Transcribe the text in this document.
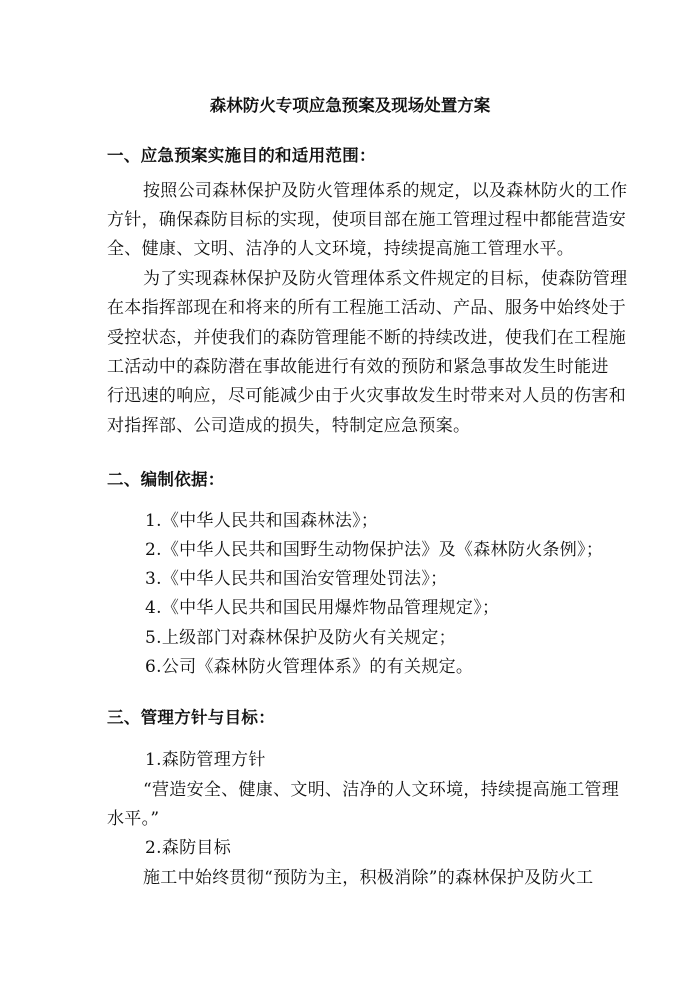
森林防火专项应急预案及现场处置方案
一、应急预案实施目的和适用范围：
按照公司森林保护及防火管理体系的规定，以及森林防火的工作
方针，确保森防目标的实现，使项目部在施工管理过程中都能营造安
全、健康、文明、洁净的人文环境，持续提高施工管理水平。
为了实现森林保护及防火管理体系文件规定的目标，使森防管理
在本指挥部现在和将来的所有工程施工活动、产品、服务中始终处于
受控状态，并使我们的森防管理能不断的持续改进，使我们在工程施
工活动中的森防潜在事故能进行有效的预防和紧急事故发生时能进
行迅速的响应，尽可能减少由于火灾事故发生时带来对人员的伤害和
对指挥部、公司造成的损失，特制定应急预案。
二、编制依据：
1.《中华人民共和国森林法》；
2.《中华人民共和国野生动物保护法》及《森林防火条例》；
3.《中华人民共和国治安管理处罚法》；
4.《中华人民共和国民用爆炸物品管理规定》；
5.上级部门对森林保护及防火有关规定；
6.公司《森林防火管理体系》的有关规定。
三、管理方针与目标：
1.森防管理方针
“营造安全、健康、文明、洁净的人文环境，持续提高施工管理
水平。”
2.森防目标
施工中始终贯彻“预防为主，积极消除”的森林保护及防火工
